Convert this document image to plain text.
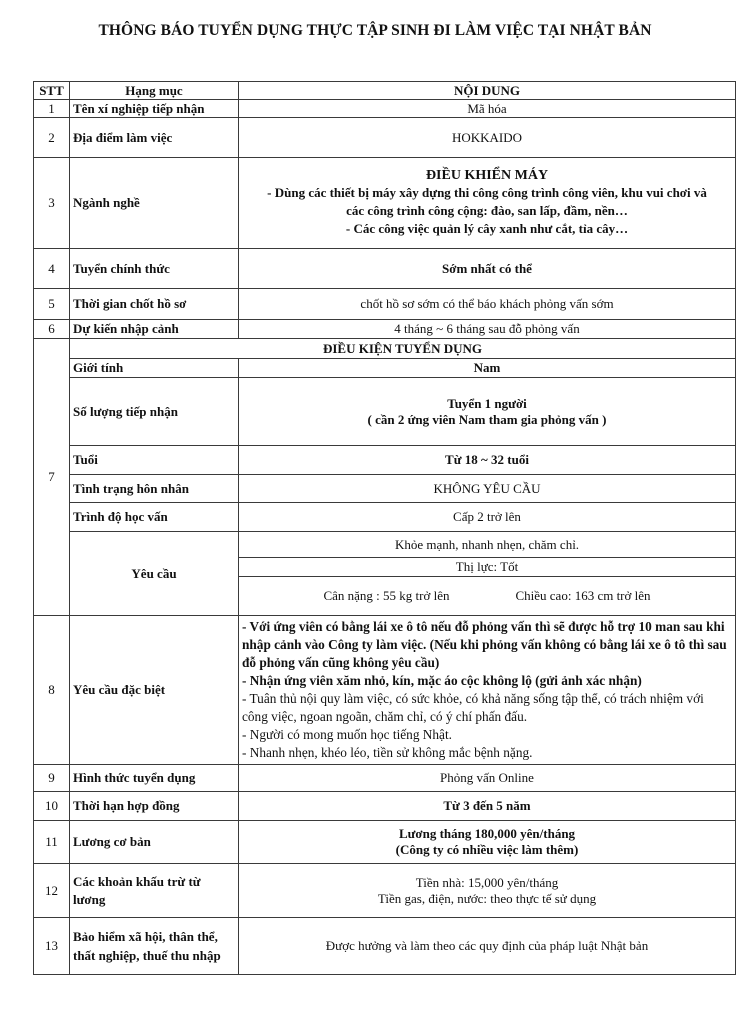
THÔNG BÁO TUYỂN DỤNG THỰC TẬP SINH ĐI LÀM VIỆC TẠI NHẬT BẢN
STT	Hạng mục	NỘI DUNG
1	Tên xí nghiệp tiếp nhận	Mã hóa
2	Địa điểm làm việc	HOKKAIDO
3	Ngành nghề	ĐIỀU KHIỂN MÁY
- Dùng các thiết bị máy xây dựng thi công công trình công viên, khu vui chơi và
các công trình công cộng: đào, san lấp, đầm, nền…
- Các công việc quản lý cây xanh như cắt, tỉa cây…

4	Tuyển chính thức	Sớm nhất có thể
5	Thời gian chốt hồ sơ	chốt hồ sơ sớm có thể báo khách phỏng vấn sớm
6	Dự kiến nhập cảnh	4 tháng ~ 6 tháng sau đỗ phỏng vấn
7	ĐIỀU KIỆN TUYỂN DỤNG	
	Giới tính	Nam
	Số lượng tiếp nhận	Tuyển 1 người
( cần 2 ứng viên Nam tham gia phỏng vấn )

	Tuổi	Từ 18 ~ 32 tuổi
	Tình trạng hôn nhân	KHÔNG YÊU CẦU
	Trình độ học vấn	Cấp 2 trở lên
	Yêu cầu	Khỏe mạnh, nhanh nhẹn, chăm chỉ.
		Thị lực: Tốt

		Cân nặng : 55 kg trở lên Chiều cao: 163 cm trở lên

8	Yêu cầu đặc biệt	- Với ứng viên có bằng lái xe ô tô nếu đỗ phỏng vấn thì sẽ được hỗ trợ 10 man sau khi nhập cảnh vào Công ty làm việc. (Nếu khi phỏng vấn không có bằng lái xe ô tô thì sau đỗ phỏng vấn cũng không yêu cầu)
- Nhận ứng viên xăm nhỏ, kín, mặc áo cộc không lộ (gửi ảnh xác nhận)
- Tuân thủ nội quy làm việc, có sức khỏe, có khả năng sống tập thể, có trách nhiệm với công việc, ngoan ngoãn, chăm chỉ, có ý chí phấn đấu.
- Người có mong muốn học tiếng Nhật.
- Nhanh nhẹn, khéo léo, tiền sử không mắc bệnh nặng.

9	Hình thức tuyển dụng	Phỏng vấn Online
10	Thời hạn hợp đồng	Từ 3 đến 5 năm
11	Lương cơ bản	Lương tháng 180,000 yên/tháng
(Công ty có nhiều việc làm thêm)

12	Các khoản khấu trừ từ lương	Tiền nhà: 15,000 yên/tháng
Tiền gas, điện, nước: theo thực tế sử dụng

13	Bảo hiểm xã hội, thân thể, thất nghiệp, thuế thu nhập	Được hưởng và làm theo các quy định của pháp luật Nhật bản
